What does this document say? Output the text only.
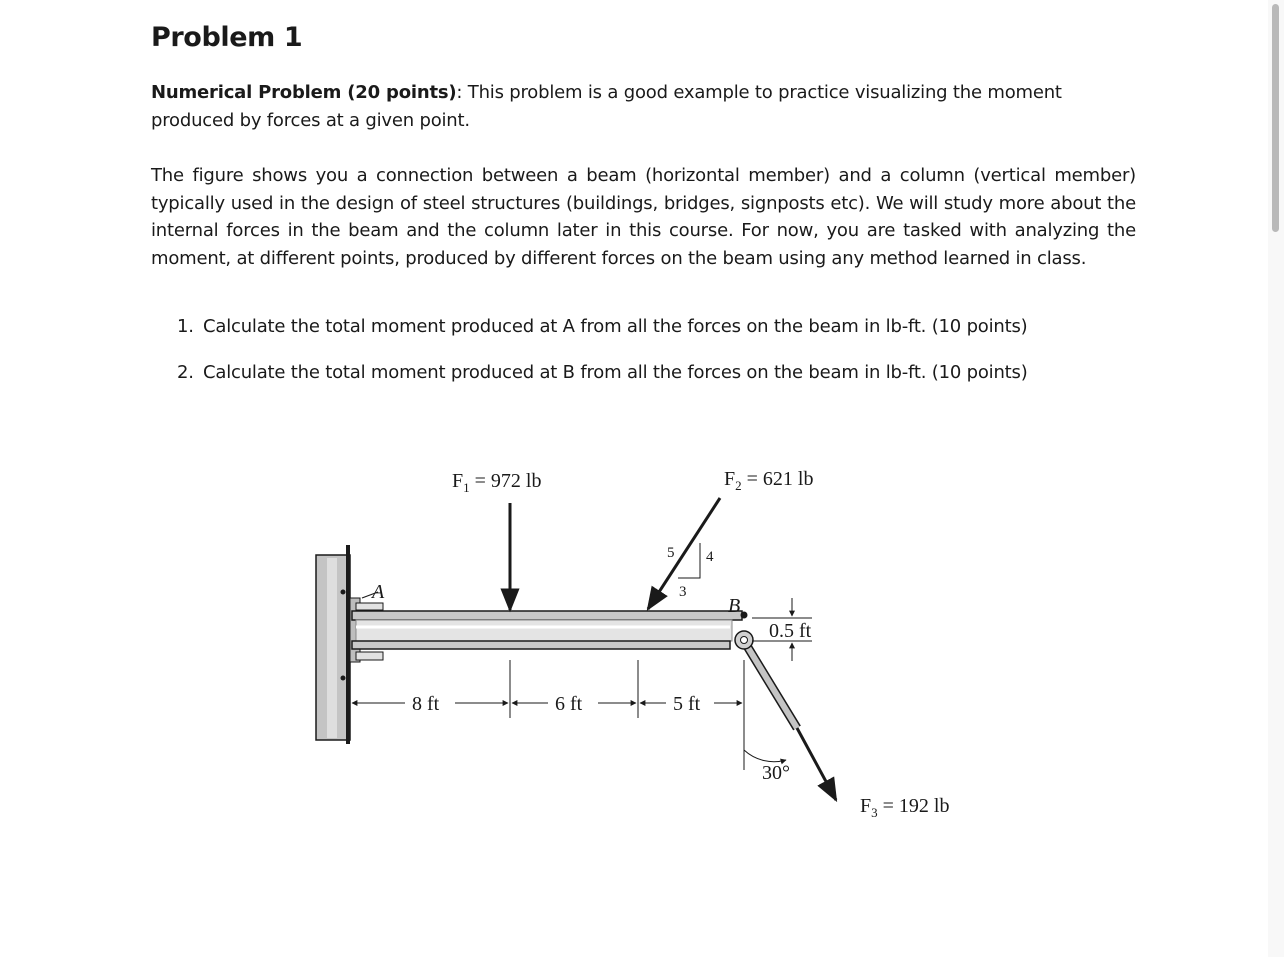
Problem 1

Numerical Problem (20 points): This problem is a good example to practice visualizing the moment produced by forces at a given point.

The figure shows you a connection between a beam (horizontal member) and a column (vertical member) typically used in the design of steel structures (buildings, bridges, signposts etc). We will study more about the internal forces in the beam and the column later in this course. For now, you are tasked with analyzing the moment, at different points, produced by different forces on the beam using any method learned in class.

1. Calculate the total moment produced at A from all the forces on the beam in lb-ft. (10 points)
2. Calculate the total moment produced at B from all the forces on the beam in lb-ft. (10 points)
A
B
$F_1 = 972$ lb	$F_2 = 621$ lb
5 4
3
0.5 ft
8 ft	6 ft	5 ft
$F_3 = 192$ lb
30°
